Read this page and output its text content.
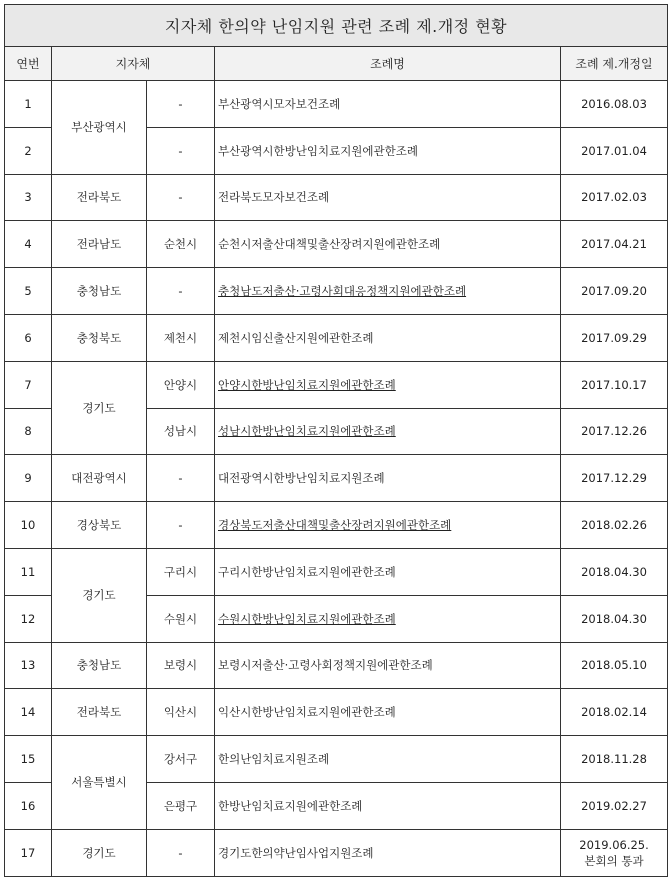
지자체 한의약 난임지원 관련 조례 제.개정 현황				
연번	지자체		조례명	조례 제.개정일
1	부산광역시	-	부산광역시모자보건조례	2016.08.03
2		-	부산광역시한방난임치료지원에관한조례	2017.01.04
3	전라북도	-	전라북도모자보건조례	2017.02.03
4	전라남도	순천시	순천시저출산대책및출산장려지원에관한조례	2017.04.21
5	충청남도	-	충청남도저출산·고령사회대응정책지원에관한조례	2017.09.20
6	충청북도	제천시	제천시임신출산지원에관한조례	2017.09.29
7	경기도	안양시	안양시한방난임치료지원에관한조례	2017.10.17
8		성남시	성남시한방난임치료지원에관한조례	2017.12.26
9	대전광역시	-	대전광역시한방난임치료지원조례	2017.12.29
10	경상북도	-	경상북도저출산대책및출산장려지원에관한조례	2018.02.26
11	경기도	구리시	구리시한방난임치료지원에관한조례	2018.04.30
12		수원시	수원시한방난임치료지원에관한조례	2018.04.30
13	충청남도	보령시	보령시저출산·고령사회정책지원에관한조례	2018.05.10
14	전라북도	익산시	익산시한방난임치료지원에관한조례	2018.02.14
15	서울특별시	강서구	한의난임치료지원조례	2018.11.28
16		은평구	한방난임치료지원에관한조례	2019.02.27
17	경기도	-	경기도한의약난임사업지원조례	2019.06.25.
본회의 통과
